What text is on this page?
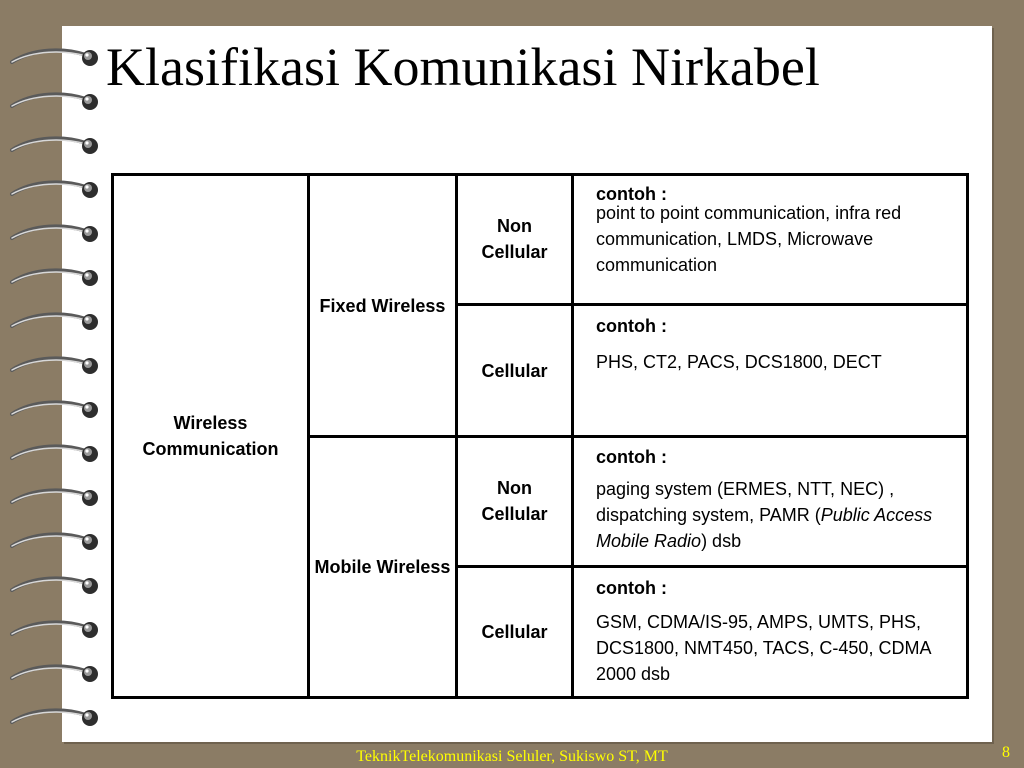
Klasifikasi Komunikasi Nirkabel
Wireless Communication
Fixed Wireless
Mobile Wireless
Non Cellular
Cellular
Non Cellular
Cellular
contoh :
point to point communication, infra red communication, LMDS, Microwave communication
contoh :
PHS, CT2, PACS, DCS1800, DECT
contoh :
paging system (ERMES, NTT, NEC) , dispatching system, PAMR (Public Access Mobile Radio) dsb
contoh :
GSM, CDMA/IS-95, AMPS, UMTS, PHS, DCS1800, NMT450, TACS, C-450, CDMA 2000 dsb
TeknikTelekomunikasi Seluler, Sukiswo ST, MT	8
